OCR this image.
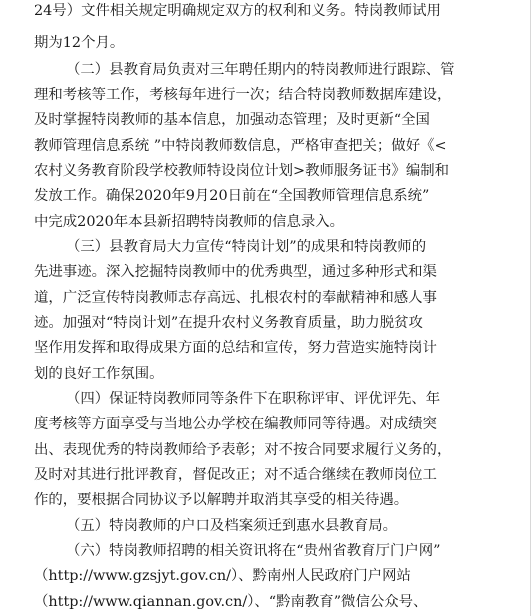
24号）文件相关规定明确规定双方的权利和义务。特岗教师试用
期为12个月。
（二）县教育局负责对三年聘任期内的特岗教师进行跟踪、管
理和考核等工作，考核每年进行一次；结合特岗教师数据库建设，
及时掌握特岗教师的基本信息，加强动态管理；及时更新“全国
教师管理信息系统 ”中特岗教师数信息，严格审查把关；做好《<
农村义务教育阶段学校教师特设岗位计划>教师服务证书》编制和
发放工作。确保2020年9月20日前在“全国教师管理信息系统”
中完成2020年本县新招聘特岗教师的信息录入。
（三）县教育局大力宣传“特岗计划”的成果和特岗教师的
先进事迹。深入挖掘特岗教师中的优秀典型，通过多种形式和渠
道，广泛宣传特岗教师志存高远、扎根农村的奉献精神和感人事
迹。加强对“特岗计划”在提升农村义务教育质量，助力脱贫攻
坚作用发挥和取得成果方面的总结和宣传，努力营造实施特岗计
划的良好工作氛围。
（四）保证特岗教师同等条件下在职称评审、评优评先、年
度考核等方面享受与当地公办学校在编教师同等待遇。对成绩突
出、表现优秀的特岗教师给予表彰；对不按合同要求履行义务的，
及时对其进行批评教育，督促改正；对不适合继续在教师岗位工
作的，要根据合同协议予以解聘并取消其享受的相关待遇。
（五）特岗教师的户口及档案须迁到惠水县教育局。
（六）特岗教师招聘的相关资讯将在“贵州省教育厅门户网”
（http://www.gzsjyt.gov.cn/）、黔南州人民政府门户网站
（http://www.qiannan.gov.cn/）、“黔南教育”微信公众号、
